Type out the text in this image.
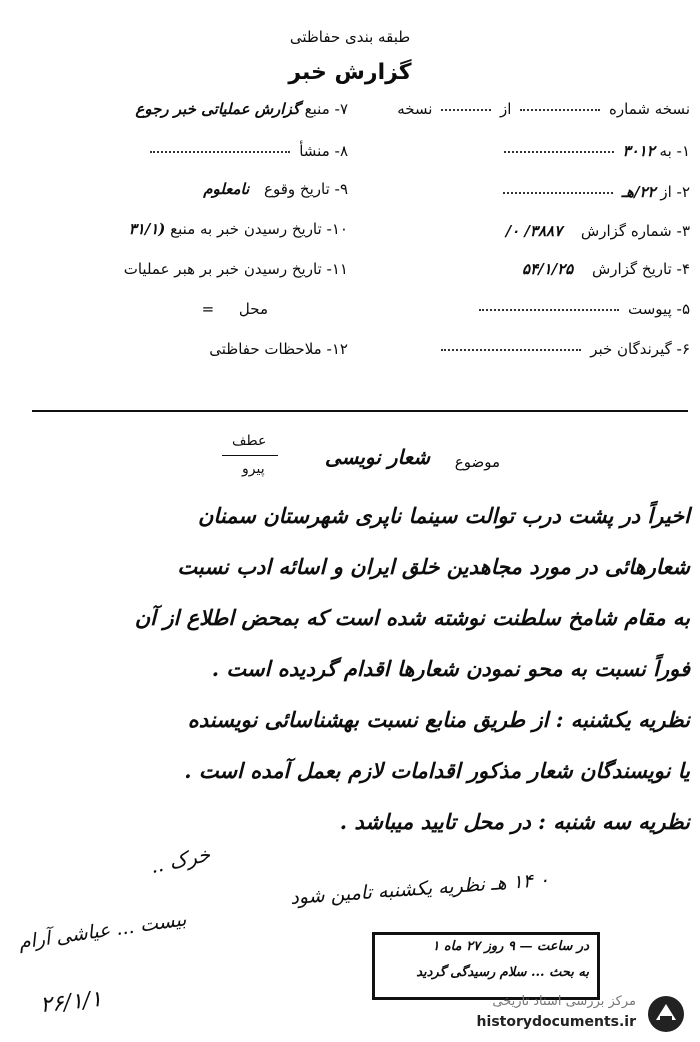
طبقه بندی حفاظتی
گزارش خبر
نسخه شماره  از  نسخه
۱- به ۳۰۱۲
۲- از ۲۲/هـ
۳- شماره گزارش ۳۸۸۷/ ۰/
۴- تاریخ گزارش ۵۴/۱/۲۵
۵- پیوست
۶- گیرندگان خبر
۷- منبع گزارش عملیاتی خبر رجوع
۸- منشأ
۹- تاریخ وقوع نامعلوم
۱۰- تاریخ رسیدن خبر به منبع (۳۱/۱
۱۱- تاریخ رسیدن خبر بر هبر عملیات
محل =
۱۲- ملاحظات حفاظتی
عطف
پیرو	موضوع
شعار نویسی

اخیراً در پشت درب توالت سینما ناپری شهرستان سمنان

شعارهائی در مورد مجاهدین خلق ایران و اسائه ادب نسبت

به مقام شامخ سلطنت نوشته شده است که بمحض اطلاع از آن

فوراً نسبت به محو نمودن شعارها اقدام گردیده است .

نظریه یکشنبه : از طریق منابع نسبت بهشناسائی نویسنده

یا نویسندگان شعار مذکور اقدامات لازم بعمل آمده است .

نظریه سه شنبه : در محل تایید میباشد .

خرک ..
۰ ۱۴ هـ نظریه یکشنبه تامین شود
بیست ... عیاشی آرام
۲۶/۱/۱
در ساعت — ۹ روز ۲۷ ماه ۱
به بحث ... سلام رسیدگی گردید
مرکز بررسی اسناد تاریخی
historydocuments.ir
